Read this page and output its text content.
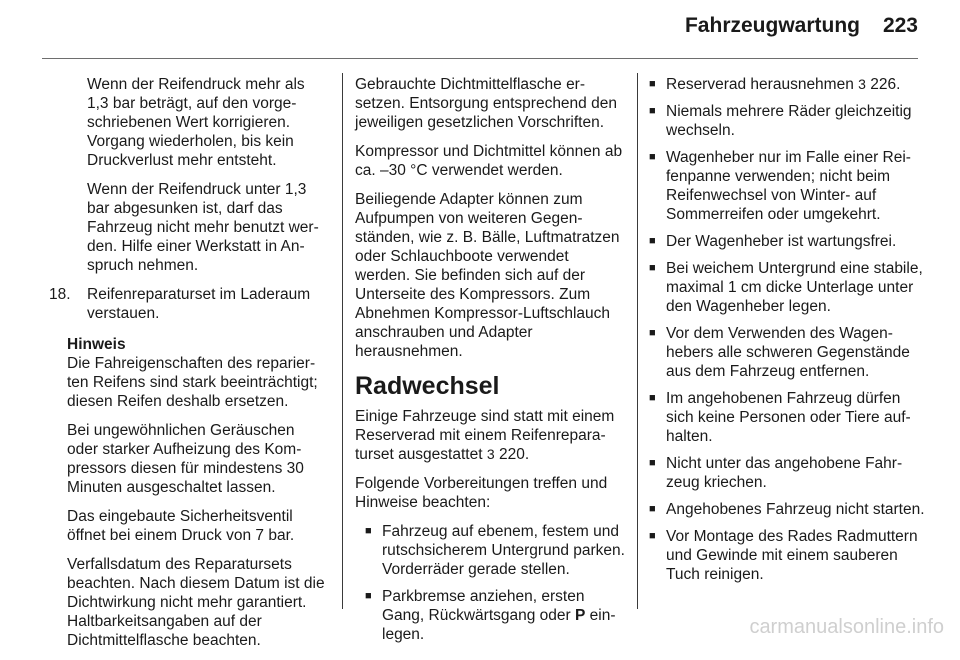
Fahrzeugwartung 223

Wenn der Reifendruck mehr als 1,3 bar beträgt, auf den vorgeschriebenen Wert korrigieren. Vorgang wiederholen, bis kein Druckverlust mehr entsteht.

Wenn der Reifendruck unter 1,3 bar abgesunken ist, darf das Fahrzeug nicht mehr benutzt werden. Hilfe einer Werkstatt in Anspruch nehmen.

18. Reifenreparaturset im Laderaum verstauen.

Hinweis

Die Fahreigenschaften des reparierten Reifens sind stark beeinträchtigt; diesen Reifen deshalb ersetzen.

Bei ungewöhnlichen Geräuschen oder starker Aufheizung des Kompressors diesen für mindestens 30 Minuten ausgeschaltet lassen.

Das eingebaute Sicherheitsventil öffnet bei einem Druck von 7 bar.

Verfallsdatum des Reparatursets beachten. Nach diesem Datum ist die Dichtwirkung nicht mehr garantiert. Haltbarkeitsangaben auf der Dichtmittelflasche beachten.

Gebrauchte Dichtmittelflasche ersetzen. Entsorgung entsprechend den jeweiligen gesetzlichen Vorschriften.

Kompressor und Dichtmittel können ab ca. –30 °C verwendet werden.

Beiliegende Adapter können zum Aufpumpen von weiteren Gegenständen, wie z. B. Bälle, Luftmatratzen oder Schlauchboote verwendet werden. Sie befinden sich auf der Unterseite des Kompressors. Zum Abnehmen Kompressor-Luftschlauch anschrauben und Adapter herausnehmen.

Radwechsel

Einige Fahrzeuge sind statt mit einem Reserverad mit einem Reifenreparaturset ausgestattet 3 220.

Folgende Vorbereitungen treffen und Hinweise beachten:

■ Fahrzeug auf ebenem, festem und rutschsicherem Untergrund parken. Vorderräder gerade stellen.
■ Parkbremse anziehen, ersten Gang, Rückwärtsgang oder P einlegen.
■ Reserverad herausnehmen 3 226.
■ Niemals mehrere Räder gleichzeitig wechseln.
■ Wagenheber nur im Falle einer Reifenpanne verwenden; nicht beim Reifenwechsel von Winter- auf Sommerreifen oder umgekehrt.
■ Der Wagenheber ist wartungsfrei.
■ Bei weichem Untergrund eine stabile, maximal 1 cm dicke Unterlage unter den Wagenheber legen.
■ Vor dem Verwenden des Wagenhebers alle schweren Gegenstände aus dem Fahrzeug entfernen.
■ Im angehobenen Fahrzeug dürfen sich keine Personen oder Tiere aufhalten.
■ Nicht unter das angehobene Fahrzeug kriechen.
■ Angehobenes Fahrzeug nicht starten.
■ Vor Montage des Rades Radmuttern und Gewinde mit einem sauberen Tuch reinigen.
carmanualsonline.info
